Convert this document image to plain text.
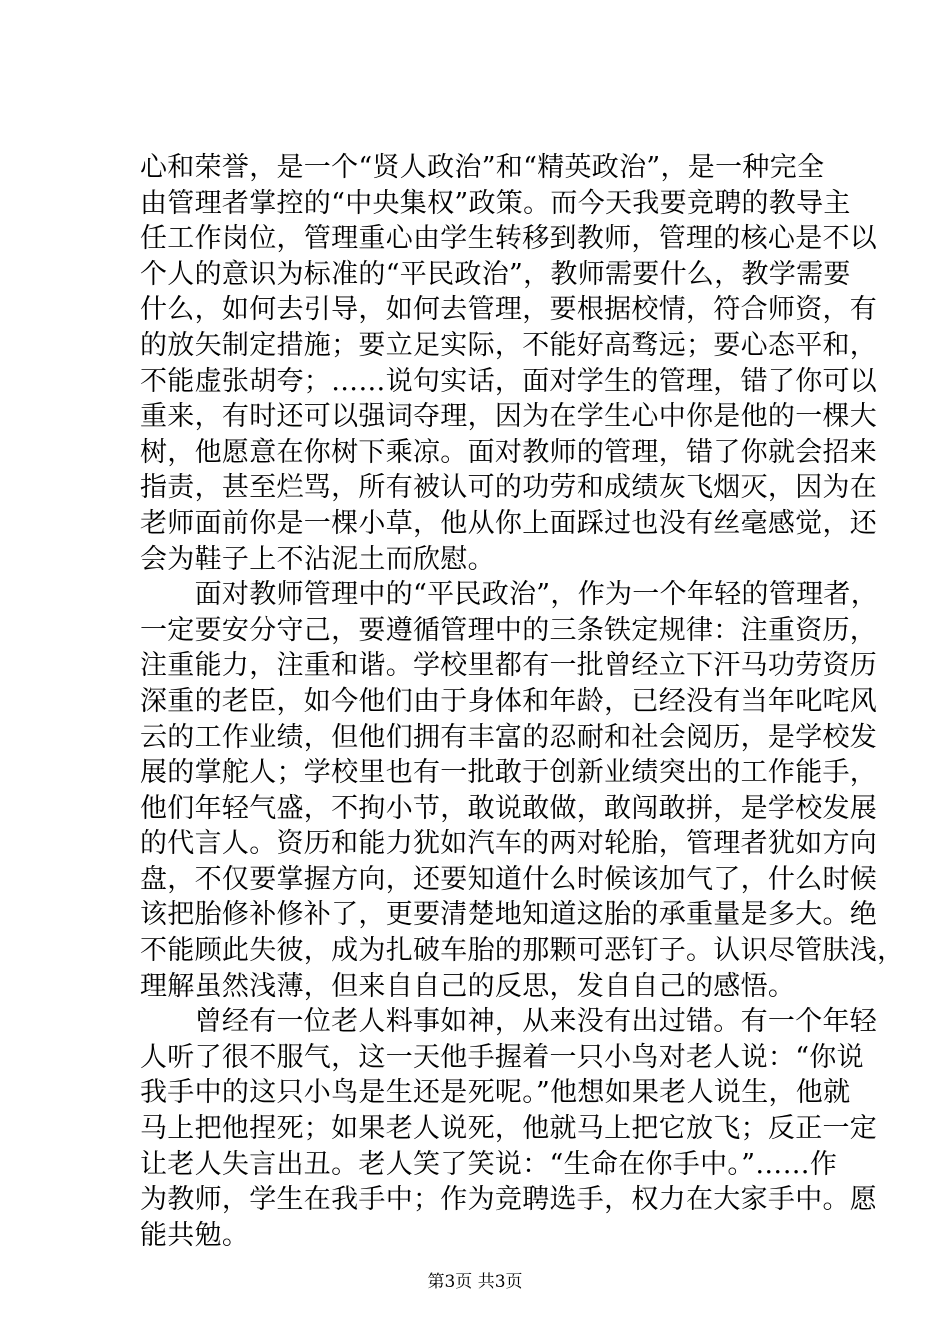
心和荣誉，是一个“贤人政治”和“精英政治”，是一种完全
由管理者掌控的“中央集权”政策。而今天我要竞聘的教导主
任工作岗位，管理重心由学生转移到教师，管理的核心是不以
个人的意识为标准的“平民政治”，教师需要什么，教学需要
什么，如何去引导，如何去管理，要根据校情，符合师资，有
的放矢制定措施；要立足实际，不能好高骛远；要心态平和，
不能虚张胡夸；……说句实话，面对学生的管理，错了你可以
重来，有时还可以强词夺理，因为在学生心中你是他的一棵大
树，他愿意在你树下乘凉。面对教师的管理，错了你就会招来
指责，甚至烂骂，所有被认可的功劳和成绩灰飞烟灭，因为在
老师面前你是一棵小草，他从你上面踩过也没有丝毫感觉，还
会为鞋子上不沾泥土而欣慰。
　　面对教师管理中的“平民政治”，作为一个年轻的管理者，
一定要安分守己，要遵循管理中的三条铁定规律：注重资历，
注重能力，注重和谐。学校里都有一批曾经立下汗马功劳资历
深重的老臣，如今他们由于身体和年龄，已经没有当年叱咤风
云的工作业绩，但他们拥有丰富的忍耐和社会阅历，是学校发
展的掌舵人；学校里也有一批敢于创新业绩突出的工作能手，
他们年轻气盛，不拘小节，敢说敢做，敢闯敢拼，是学校发展
的代言人。资历和能力犹如汽车的两对轮胎，管理者犹如方向
盘，不仅要掌握方向，还要知道什么时候该加气了，什么时候
该把胎修补修补了，更要清楚地知道这胎的承重量是多大。绝
不能顾此失彼，成为扎破车胎的那颗可恶钉子。认识尽管肤浅，
理解虽然浅薄，但来自自己的反思，发自自己的感悟。
　　曾经有一位老人料事如神，从来没有出过错。有一个年轻
人听了很不服气，这一天他手握着一只小鸟对老人说：“你说
我手中的这只小鸟是生还是死呢。”他想如果老人说生，他就
马上把他捏死；如果老人说死，他就马上把它放飞；反正一定
让老人失言出丑。老人笑了笑说：“生命在你手中。”……作
为教师，学生在我手中；作为竞聘选手，权力在大家手中。愿
能共勉。
第3页 共3页
